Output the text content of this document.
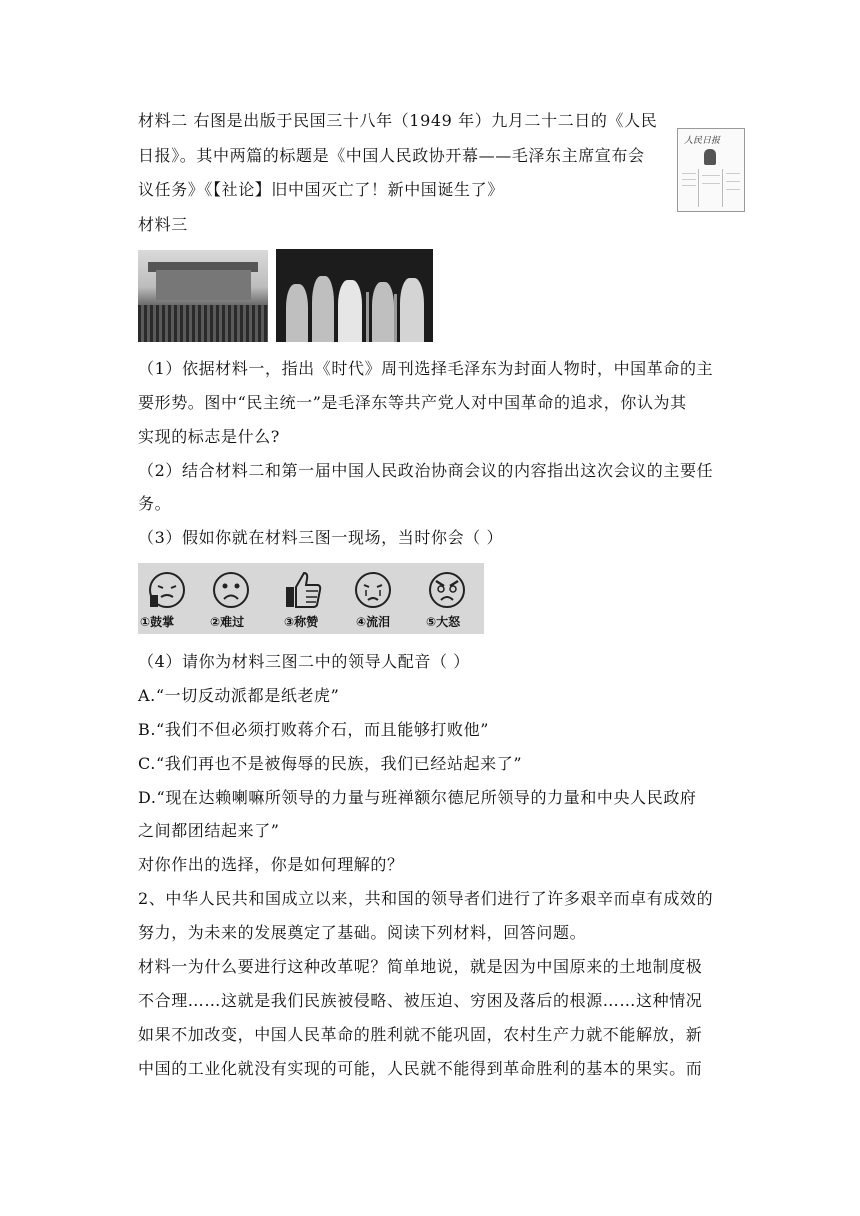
材料二 右图是出版于民国三十八年（1949 年）九月二十二日的《人民
日报》。其中两篇的标题是《中国人民政协开幕——毛泽东主席宣布会
议任务》《【社论】旧中国灭亡了！新中国诞生了》
人民日报
材料三
（1）依据材料一，指出《时代》周刊选择毛泽东为封面人物时，中国革命的主
要形势。图中“民主统一”是毛泽东等共产党人对中国革命的追求，你认为其
实现的标志是什么?
（2）结合材料二和第一届中国人民政治协商会议的内容指出这次会议的主要任
务。
（3）假如你就在材料三图一现场，当时你会（ ）
①鼓掌	②难过	③称赞	④流泪	⑤大怒
（4）请你为材料三图二中的领导人配音（ ）
A.“一切反动派都是纸老虎”
B.“我们不但必须打败蒋介石，而且能够打败他”
C.“我们再也不是被侮辱的民族，我们已经站起来了”
D.“现在达赖喇嘛所领导的力量与班禅额尔德尼所领导的力量和中央人民政府
之间都团结起来了”
对你作出的选择，你是如何理解的？
2、中华人民共和国成立以来，共和国的领导者们进行了许多艰辛而卓有成效的
努力，为未来的发展奠定了基础。阅读下列材料，回答问题。
材料一为什么要进行这种改革呢？简单地说，就是因为中国原来的土地制度极
不合理……这就是我们民族被侵略、被压迫、穷困及落后的根源……这种情况
如果不加改变，中国人民革命的胜利就不能巩固，农村生产力就不能解放，新
中国的工业化就没有实现的可能，人民就不能得到革命胜利的基本的果实。而
